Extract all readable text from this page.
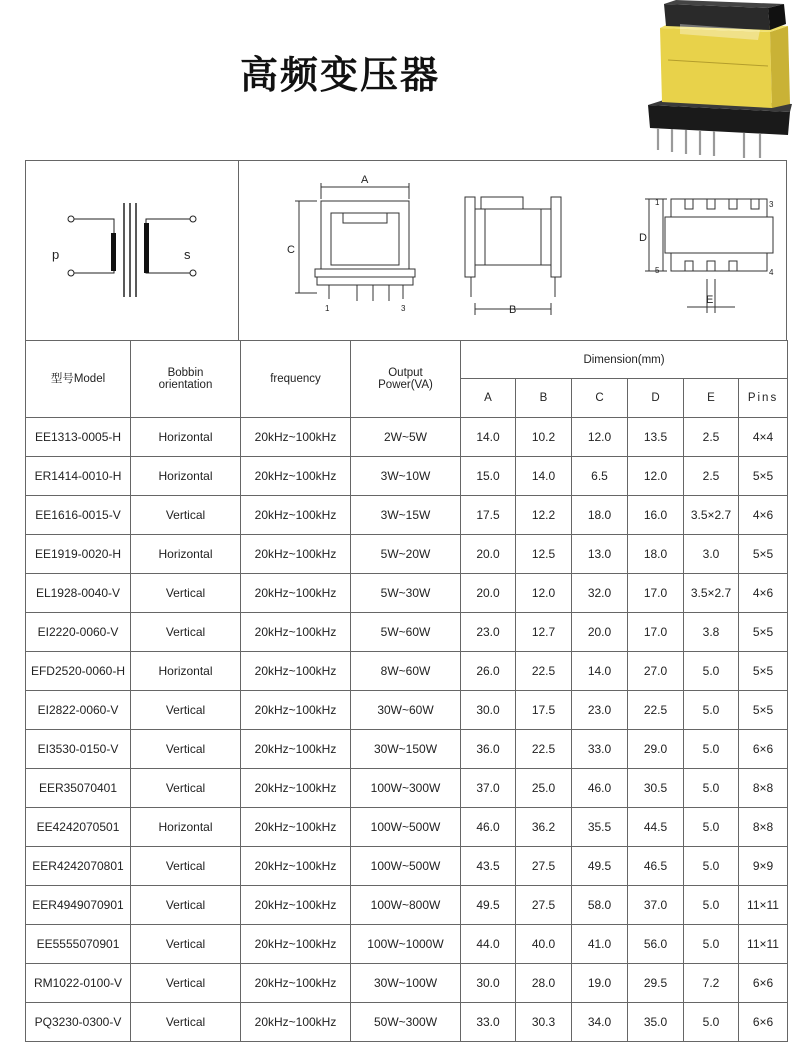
高频变压器
p	s
A
C
1	3	B
D
E
1	3
5	4
型号Model	Bobbin
orientation	frequency	Output
Power(VA)	Dimension(mm)					
				A	B	C	D	E	Pins
EE1313-0005-H	Horizontal	20kHz~100kHz	2W~5W	14.0	10.2	12.0	13.5	2.5	4×4
ER1414-0010-H	Horizontal	20kHz~100kHz	3W~10W	15.0	14.0	6.5	12.0	2.5	5×5
EE1616-0015-V	Vertical	20kHz~100kHz	3W~15W	17.5	12.2	18.0	16.0	3.5×2.7	4×6
EE1919-0020-H	Horizontal	20kHz~100kHz	5W~20W	20.0	12.5	13.0	18.0	3.0	5×5
EL1928-0040-V	Vertical	20kHz~100kHz	5W~30W	20.0	12.0	32.0	17.0	3.5×2.7	4×6
EI2220-0060-V	Vertical	20kHz~100kHz	5W~60W	23.0	12.7	20.0	17.0	3.8	5×5
EFD2520-0060-H	Horizontal	20kHz~100kHz	8W~60W	26.0	22.5	14.0	27.0	5.0	5×5
EI2822-0060-V	Vertical	20kHz~100kHz	30W~60W	30.0	17.5	23.0	22.5	5.0	5×5
EI3530-0150-V	Vertical	20kHz~100kHz	30W~150W	36.0	22.5	33.0	29.0	5.0	6×6
EER35070401	Vertical	20kHz~100kHz	100W~300W	37.0	25.0	46.0	30.5	5.0	8×8
EE4242070501	Horizontal	20kHz~100kHz	100W~500W	46.0	36.2	35.5	44.5	5.0	8×8
EER4242070801	Vertical	20kHz~100kHz	100W~500W	43.5	27.5	49.5	46.5	5.0	9×9
EER4949070901	Vertical	20kHz~100kHz	100W~800W	49.5	27.5	58.0	37.0	5.0	11×11
EE5555070901	Vertical	20kHz~100kHz	100W~1000W	44.0	40.0	41.0	56.0	5.0	11×11
RM1022-0100-V	Vertical	20kHz~100kHz	30W~100W	30.0	28.0	19.0	29.5	7.2	6×6
PQ3230-0300-V	Vertical	20kHz~100kHz	50W~300W	33.0	30.3	34.0	35.0	5.0	6×6
